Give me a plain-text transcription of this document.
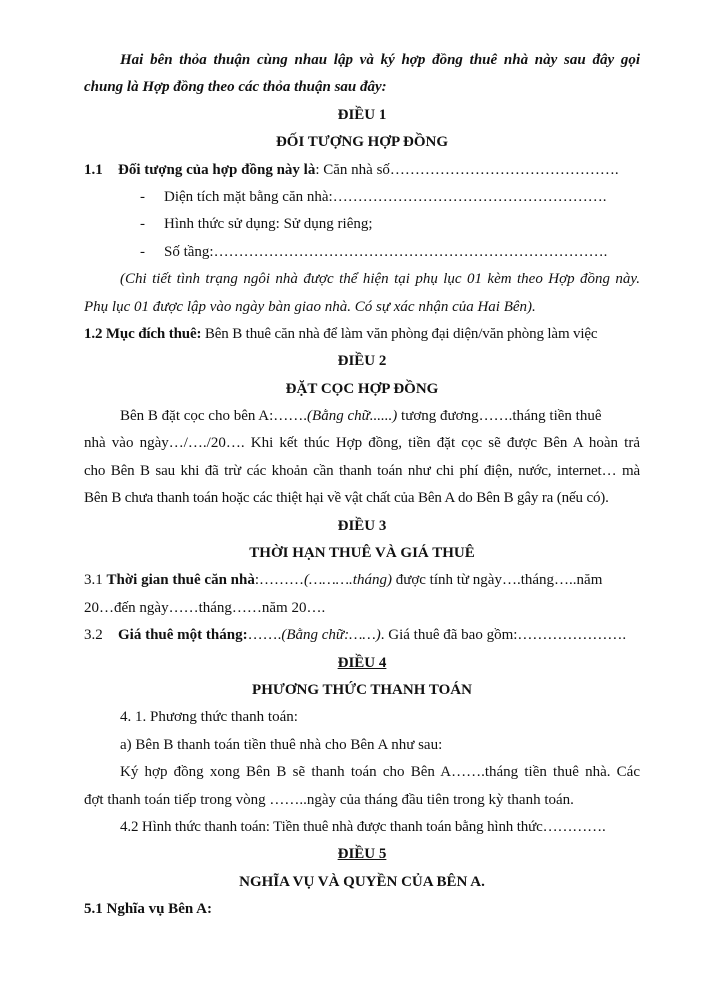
Hai bên thỏa thuận cùng nhau lập và ký hợp đồng thuê nhà này sau đây gọi
chung là Hợp đồng theo các thỏa thuận sau đây:
ĐIỀU 1
ĐỐI TƯỢNG HỢP ĐỒNG
1.1 Đối tượng của hợp đồng này là: Căn nhà số……………………………………….
-	Diện tích mặt bằng căn nhà:……………………………………………….
-	Hình thức sử dụng: Sử dụng riêng;
-	Số tầng:…………………………………………………………………….
(Chi tiết tình trạng ngôi nhà được thể hiện tại phụ lục 01 kèm theo Hợp đồng này.
Phụ lục 01 được lập vào ngày bàn giao nhà. Có sự xác nhận của Hai Bên).
1.2 Mục đích thuê: Bên B thuê căn nhà để làm văn phòng đại diện/văn phòng làm việc
ĐIỀU 2
ĐẶT CỌC HỢP ĐỒNG
Bên B đặt cọc cho bên A:…….(Bằng chữ......) tương đương…….tháng tiền thuê
nhà vào ngày…/…./20…. Khi kết thúc Hợp đồng, tiền đặt cọc sẽ được Bên A hoàn trả
cho Bên B sau khi đã trừ các khoản cần thanh toán như chi phí điện, nước, internet… mà
Bên B chưa thanh toán hoặc các thiệt hại về vật chất của Bên A do Bên B gây ra (nếu có).
ĐIỀU 3
THỜI HẠN THUÊ VÀ GIÁ THUÊ
3.1 Thời gian thuê căn nhà:………(……….tháng) được tính từ ngày….tháng…..năm
20…đến ngày……tháng……năm 20….
3.2 Giá thuê một tháng:…….(Bằng chữ:……). Giá thuê đã bao gồm:………………….
ĐIỀU 4
PHƯƠNG THỨC THANH TOÁN
4. 1. Phương thức thanh toán:
a) Bên B thanh toán tiền thuê nhà cho Bên A như sau:
Ký hợp đồng xong Bên B sẽ thanh toán cho Bên A…….tháng tiền thuê nhà. Các
đợt thanh toán tiếp trong vòng ……..ngày của tháng đầu tiên trong kỳ thanh toán.
4.2 Hình thức thanh toán: Tiền thuê nhà được thanh toán bằng hình thức………….
ĐIỀU 5
NGHĨA VỤ VÀ QUYỀN CỦA BÊN A.
5.1 Nghĩa vụ Bên A:
